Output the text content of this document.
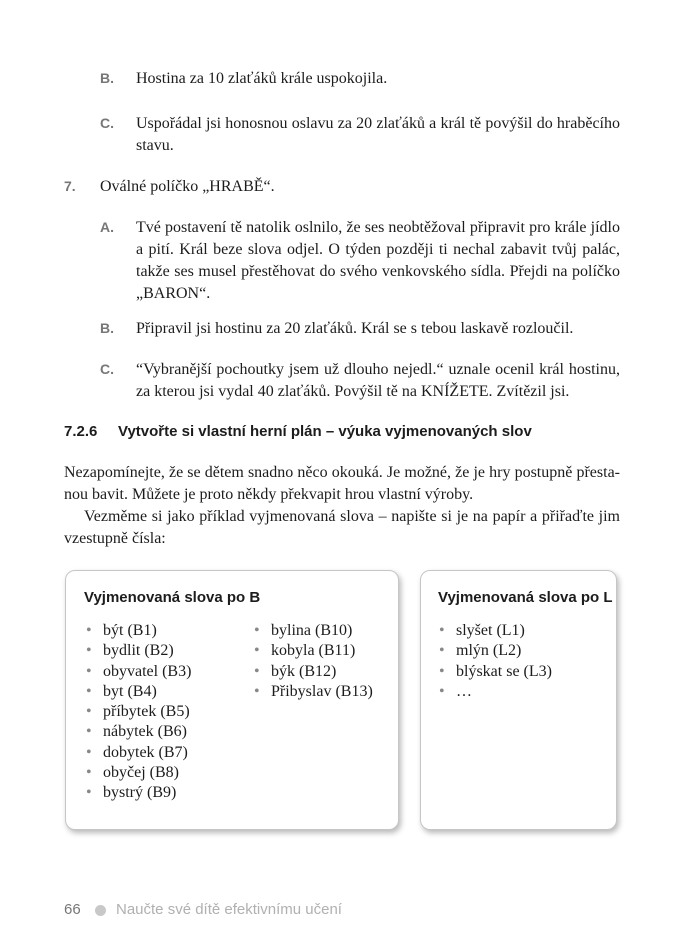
B. Hostina za 10 zlaťáků krále uspokojila.
C. Uspořádal jsi honosnou oslavu za 20 zlaťáků a král tě povýšil do hraběcího stavu.
7. Oválné políčko „HRABĚ“.
A. Tvé postavení tě natolik oslnilo, že ses neobtěžoval připravit pro krále jídlo a pití. Král beze slova odjel. O týden později ti nechal zabavit tvůj palác, takže ses musel přestěhovat do svého venkovského sídla. Přejdi na políčko „BARON“.
B. Připravil jsi hostinu za 20 zlaťáků. Král se s tebou laskavě rozloučil.
C. “Vybranější pochoutky jsem už dlouho nejedl.“ uznale ocenil král hostinu, za kterou jsi vydal 40 zlaťáků. Povýšil tě na KNÍŽETE. Zvítězil jsi.
7.2.6 Vytvořte si vlastní herní plán – výuka vyjmenovaných slov
Nezapomínejte, že se dětem snadno něco okouká. Je možné, že je hry postupně přestanou bavit. Můžete je proto někdy překvapit hrou vlastní výroby.
Vezměme si jako příklad vyjmenovaná slova – napište si je na papír a přiřaďte jim vzestupně čísla:
Vyjmenovaná slova po B
• být (B1)
• bydlit (B2)
• obyvatel (B3)
• byt (B4)
• příbytek (B5)
• nábytek (B6)
• dobytek (B7)
• obyčej (B8)
• bystrý (B9)
• bylina (B10)
• kobyla (B11)
• býk (B12)
• Přibyslav (B13)
Vyjmenovaná slova po L
• slyšet (L1)
• mlýn (L2)
• blýskat se (L3)
• …
66 Naučte své dítě efektivnímu učení
